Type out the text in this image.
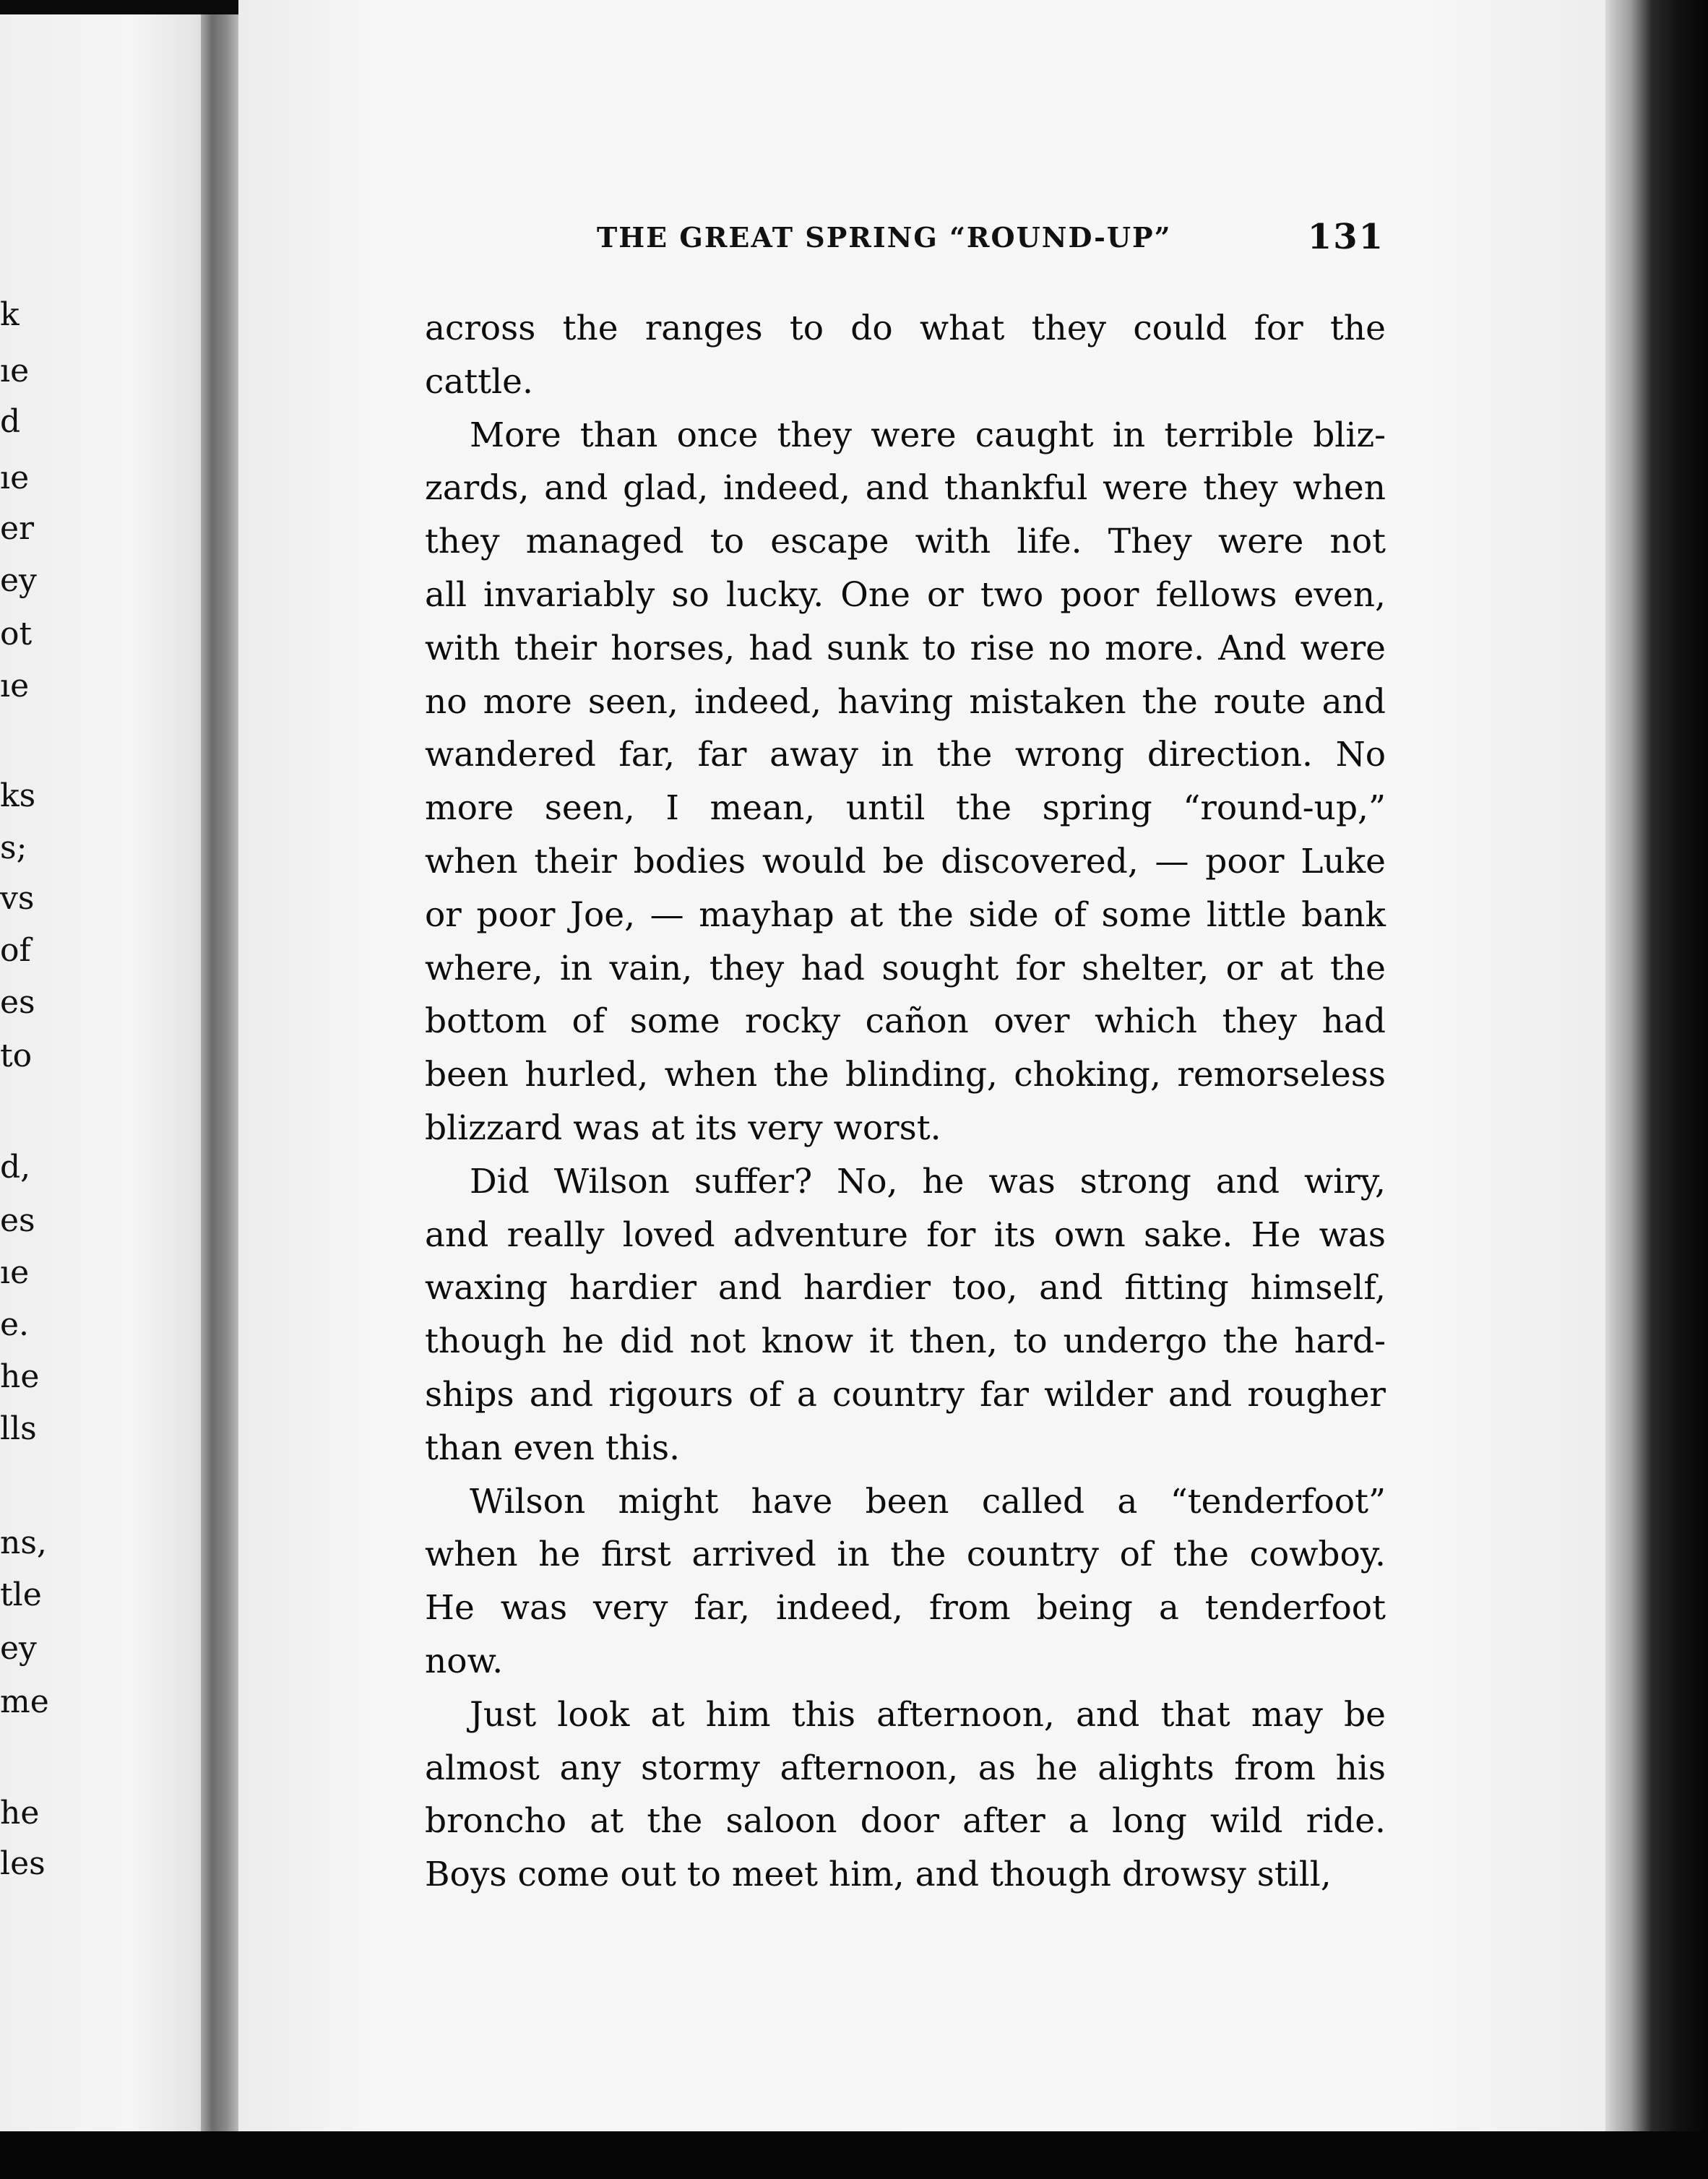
k
ıe
d
ıe
er
ey
ot
ıe
ks
s;
vs
of
es
to
d,
es
ıe
e.
he
lls
ns,
tle
ey
me
he
les
THE GREAT SPRING “ROUND-UP”	131
across the ranges to do what they could for the
cattle.
More than once they were caught in terrible bliz-
zards, and glad, indeed, and thankful were they when
they managed to escape with life. They were not
all invariably so lucky. One or two poor fellows even,
with their horses, had sunk to rise no more. And were
no more seen, indeed, having mistaken the route and
wandered far, far away in the wrong direction. No
more seen, I mean, until the spring “round-up,”
when their bodies would be discovered, — poor Luke
or poor Joe, — mayhap at the side of some little bank
where, in vain, they had sought for shelter, or at the
bottom of some rocky cañon over which they had
been hurled, when the blinding, choking, remorseless
blizzard was at its very worst.
Did Wilson suffer? No, he was strong and wiry,
and really loved adventure for its own sake. He was
waxing hardier and hardier too, and fitting himself,
though he did not know it then, to undergo the hard-
ships and rigours of a country far wilder and rougher
than even this.
Wilson might have been called a “tenderfoot”
when he first arrived in the country of the cowboy.
He was very far, indeed, from being a tenderfoot
now.
Just look at him this afternoon, and that may be
almost any stormy afternoon, as he alights from his
broncho at the saloon door after a long wild ride.
Boys come out to meet him, and though drowsy still,
